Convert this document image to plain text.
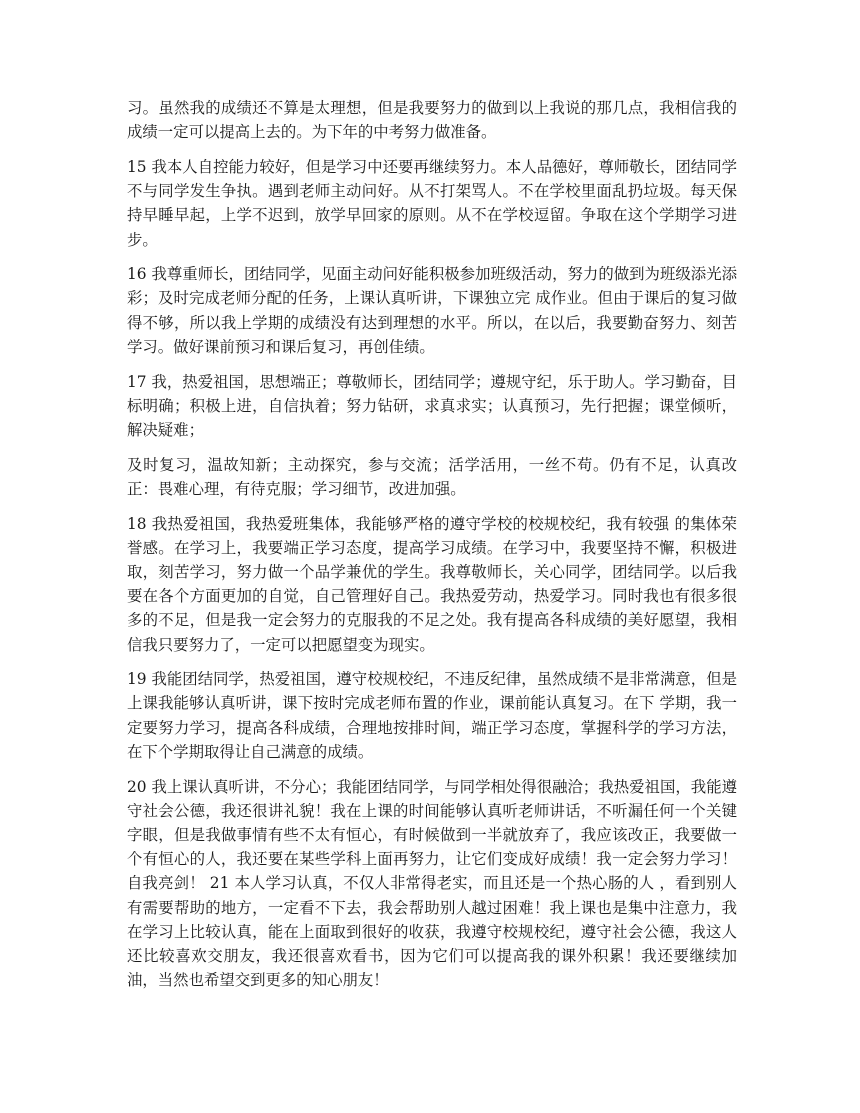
习。虽然我的成绩还不算是太理想，但是我要努力的做到以上我说的那几点，我相信我的成绩一定可以提高上去的。为下年的中考努力做准备。

15 我本人自控能力较好，但是学习中还要再继续努力。本人品德好，尊师敬长，团结同学不与同学发生争执。遇到老师主动问好。从不打架骂人。不在学校里面乱扔垃圾。每天保持早睡早起，上学不迟到，放学早回家的原则。从不在学校逗留。争取在这个学期学习进步。

16 我尊重师长，团结同学，见面主动问好能积极参加班级活动，努力的做到为班级添光添彩；及时完成老师分配的任务，上课认真听讲，下课独立完 成作业。但由于课后的复习做得不够，所以我上学期的成绩没有达到理想的水平。所以，在以后，我要勤奋努力、刻苦学习。做好课前预习和课后复习，再创佳绩。

17 我，热爱祖国，思想端正；尊敬师长，团结同学；遵规守纪，乐于助人。学习勤奋，目标明确；积极上进，自信执着；努力钻研，求真求实；认真预习，先行把握；课堂倾听，解决疑难；

及时复习，温故知新；主动探究，参与交流；活学活用，一丝不苟。仍有不足，认真改正：畏难心理，有待克服；学习细节，改进加强。

18 我热爱祖国，我热爱班集体，我能够严格的遵守学校的校规校纪，我有较强 的集体荣誉感。在学习上，我要端正学习态度，提高学习成绩。在学习中，我要坚持不懈，积极进取，刻苦学习，努力做一个品学兼优的学生。我尊敬师长，关心同学，团结同学。以后我要在各个方面更加的自觉，自己管理好自己。我热爱劳动，热爱学习。同时我也有很多很多的不足，但是我一定会努力的克服我的不足之处。我有提高各科成绩的美好愿望，我相信我只要努力了，一定可以把愿望变为现实。

19 我能团结同学，热爱祖国，遵守校规校纪，不违反纪律，虽然成绩不是非常满意，但是上课我能够认真听讲，课下按时完成老师布置的作业，课前能认真复习。在下 学期，我一定要努力学习，提高各科成绩，合理地按排时间，端正学习态度，掌握科学的学习方法，在下个学期取得让自己满意的成绩。

20 我上课认真听讲，不分心；我能团结同学，与同学相处得很融洽；我热爱祖国，我能遵守社会公德，我还很讲礼貌！我在上课的时间能够认真听老师讲话，不听漏任何一个关键字眼，但是我做事情有些不太有恒心，有时候做到一半就放弃了，我应该改正，我要做一个有恒心的人，我还要在某些学科上面再努力，让它们变成好成绩！我一定会努力学习！自我亮剑！ 21 本人学习认真，不仅人非常得老实，而且还是一个热心肠的人 ，看到别人有需要帮助的地方，一定看不下去，我会帮助别人越过困难！我上课也是集中注意力，我在学习上比较认真，能在上面取到很好的收获，我遵守校规校纪，遵守社会公德，我这人还比较喜欢交朋友，我还很喜欢看书，因为它们可以提高我的课外积累！我还要继续加油，当然也希望交到更多的知心朋友！
